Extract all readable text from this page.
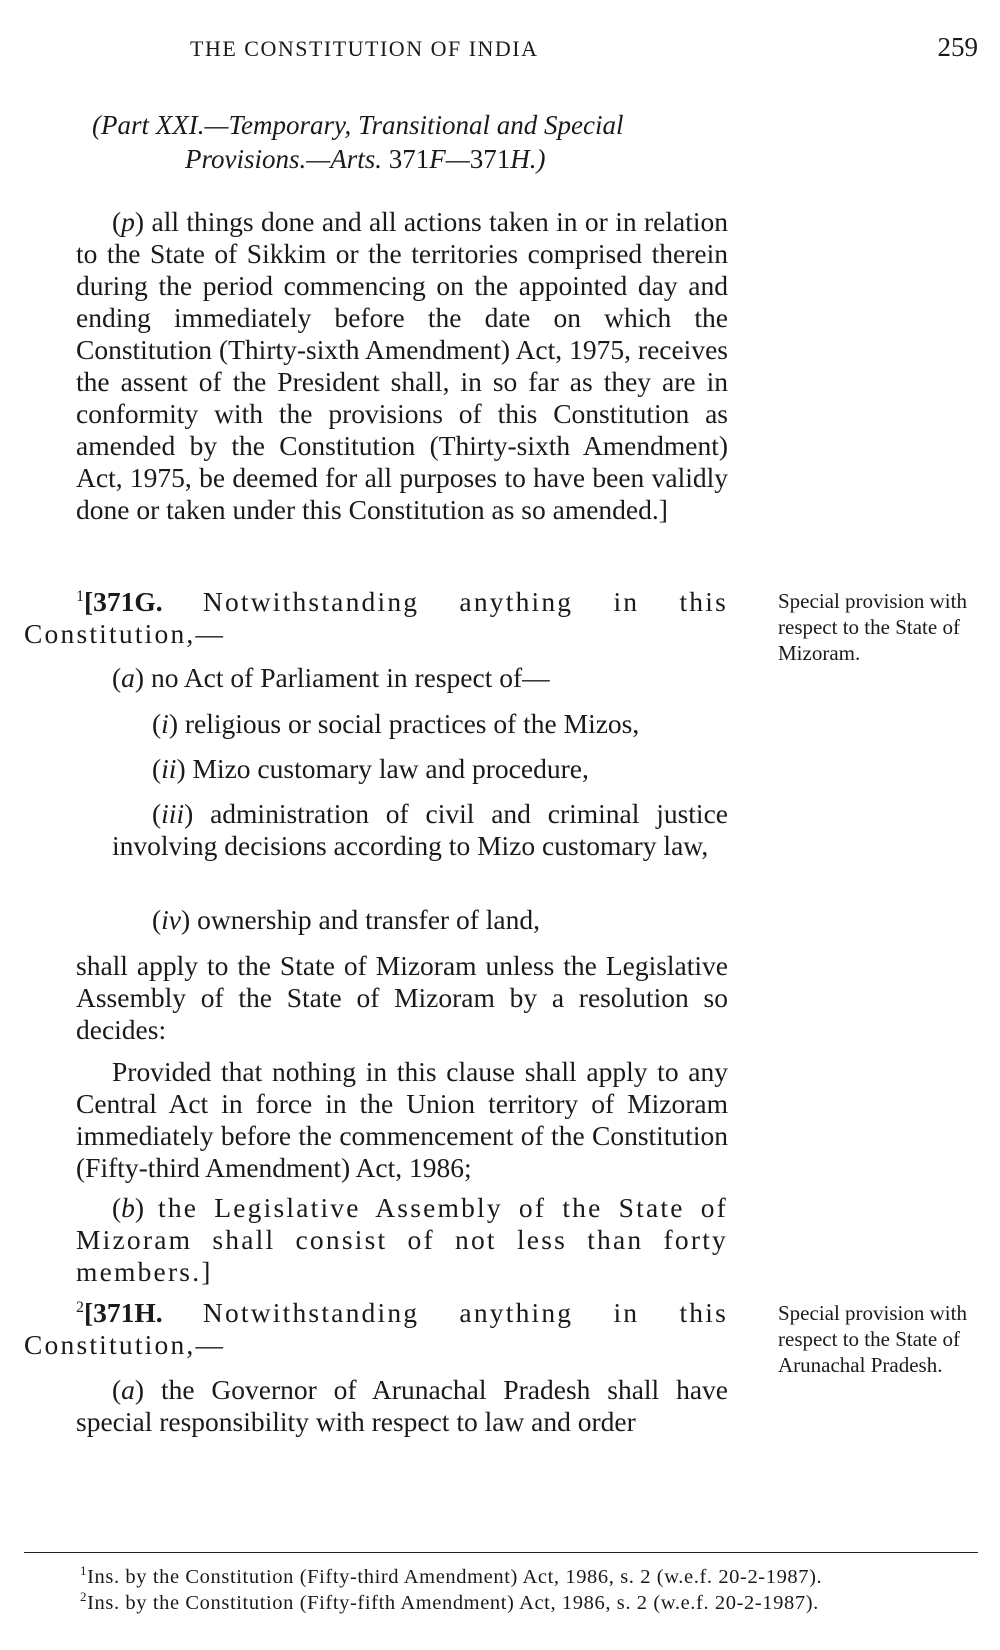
THE CONSTITUTION OF INDIA	259
(Part XXI.—Temporary, Transitional and Special
Provisions.—Arts. 371F—371H.)
(p) all things done and all actions taken in or in relation to the State of Sikkim or the territories comprised therein during the period commencing on the appointed day and ending immediately before the date on which the Constitution (Thirty-sixth Amendment) Act, 1975, receives the assent of the President shall, in so far as they are in conformity with the provisions of this Constitution as amended by the Constitution (Thirty-sixth Amendment) Act, 1975, be deemed for all purposes to have been validly done or taken under this Constitution as so amended.]
$^1$[371G. Notwithstanding anything in this Constitution,—
Special provision with respect to the State of Mizoram.
(a) no Act of Parliament in respect of—
(i) religious or social practices of the Mizos,
(ii) Mizo customary law and procedure,
(iii) administration of civil and criminal justice involving decisions according to Mizo customary law,
(iv) ownership and transfer of land,
shall apply to the State of Mizoram unless the Legislative Assembly of the State of Mizoram by a resolution so decides:
Provided that nothing in this clause shall apply to any Central Act in force in the Union territory of Mizoram immediately before the commencement of the Constitution (Fifty-third Amendment) Act, 1986;
(b) the Legislative Assembly of the State of Mizoram shall consist of not less than forty members.]
$^2$[371H. Notwithstanding anything in this Constitution,—
Special provision with respect to the State of Arunachal Pradesh.
(a) the Governor of Arunachal Pradesh shall have special responsibility with respect to law and order
$^1$Ins. by the Constitution (Fifty-third Amendment) Act, 1986, s. 2 (w.e.f. 20-2-1987).
$^2$Ins. by the Constitution (Fifty-fifth Amendment) Act, 1986, s. 2 (w.e.f. 20-2-1987).
